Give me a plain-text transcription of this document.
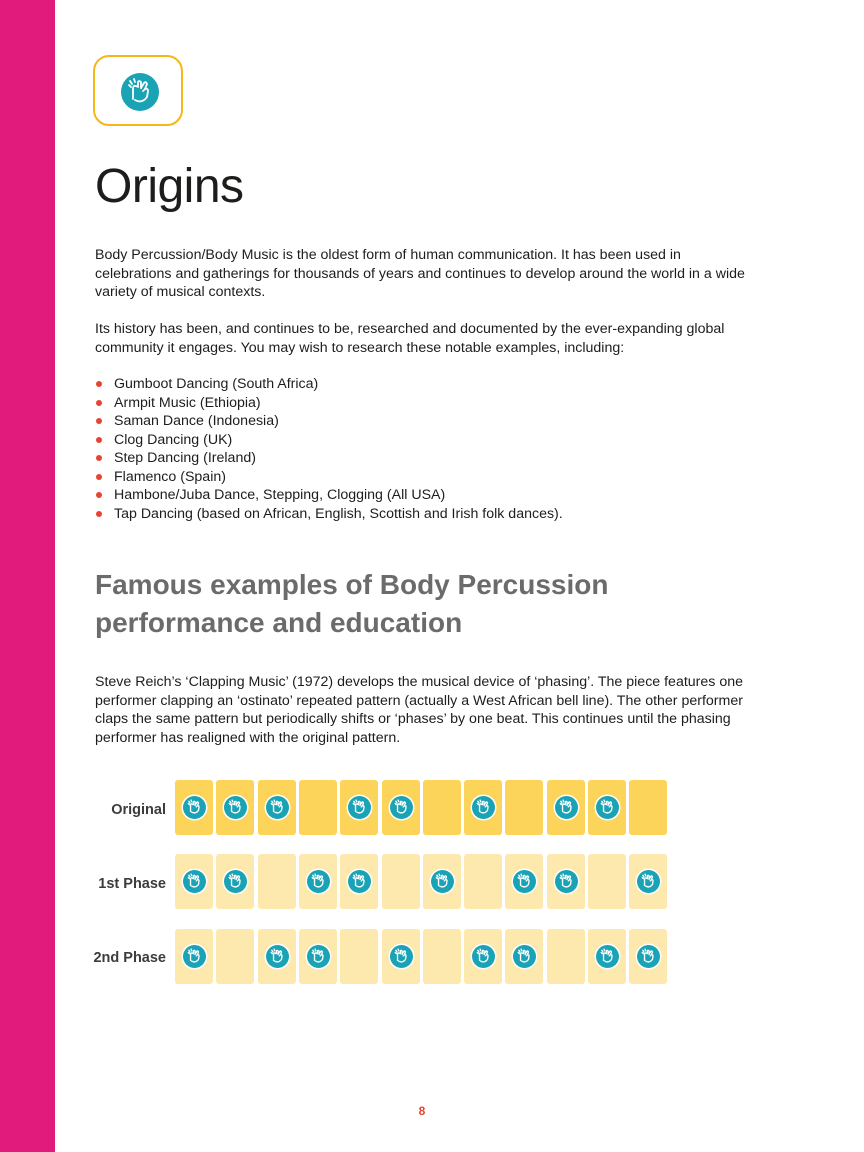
Origins

Body Percussion/Body Music is the oldest form of human communication. It has been used in celebrations and gatherings for thousands of years and continues to develop around the world in a wide variety of musical contexts.

Its history has been, and continues to be, researched and documented by the ever-expanding global community it engages. You may wish to research these notable examples, including:

Gumboot Dancing (South Africa)
Armpit Music (Ethiopia)
Saman Dance (Indonesia)
Clog Dancing (UK)
Step Dancing (Ireland)
Flamenco (Spain)
Hambone/Juba Dance, Stepping, Clogging (All USA)
Tap Dancing (based on African, English, Scottish and Irish folk dances).
Famous examples of Body Percussion performance and education

Steve Reich’s ‘Clapping Music’ (1972) develops the musical device of ‘phasing’. The piece features one performer clapping an ‘ostinato’ repeated pattern (actually a West African bell line). The other performer claps the same pattern but periodically shifts or ‘phases’ by one beat. This continues until the phasing performer has realigned with the original pattern.

Original
1st Phase
2nd Phase
8
